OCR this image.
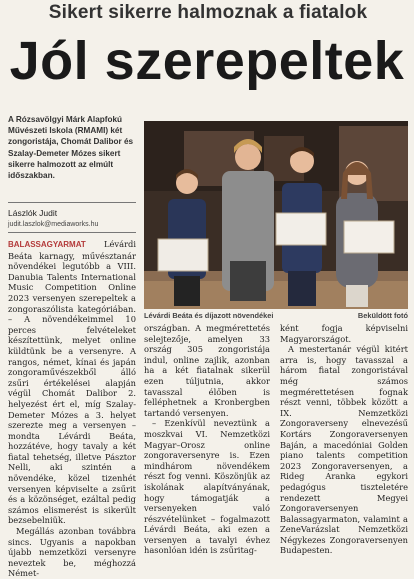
Sikert sikerre halmoznak a fiatalok
Jól szerepeltek
A Rózsavölgyi Márk Alapfokú Művészeti Iskola (RMAMI) két zongoristája, Chomát Dalibor és Szalay-Demeter Mózes sikert sikerre halmozott az elmúlt időszakban.
Lászlók Judit
judit.laszlok@mediaworks.hu

BALASSAGYARMAT Lévárdi Beáta karnagy, művésztanár növendékei legutóbb a VIII. Danubia Talents International Music Competition Online 2023 versenyen szerepeltek a zongoraszólista kategóriában. – A növendékeimmel 10 perces felvételeket készítettünk, melyet online küldtünk be a versenyre. A rangos, német, kínai és japán zongoraművészekből álló zsűri értékelései alapján végül Chomát Dalibor 2. helyezést ért el, míg Szalay-Demeter Mózes a 3. helyet szerezte meg a versenyen – mondta Lévárdi Beáta, hozzátéve, hogy tavaly a két fiatal tehetség, illetve Pásztor Nelli, aki szintén a növendéke, közel tizenhét versenyen képviselte a zsűrit és a közönséget, ezáltal pedig számos elismerést is sikerült bezsebelniük.

Megállás azonban továbbra sincs. Ugyanis a napokban újabb nemzetközi versenyre neveztek be, méghozzá Német-

Lévárdi Beáta és díjazott növendékei	Beküldött fotó

országban. A megmérettetés selejtezője, amelyen 33 ország 305 zongoristája indul, online zajlik, azonban ha a két fiatalnak sikerül ezen túljutnia, akkor tavasszal élőben is felléphetnek a Kronbergben tartandó versenyen.

– Ezenkívül neveztünk a moszkvai VI. Nemzetközi Magyar–Orosz online zongoraversenyre is. Ezen mindhárom növendékem részt fog venni. Köszönjük az iskolának alapítványának, hogy támogatják a versenyeken való részvételünket – fogalmazott Lévárdi Beáta, aki ezen a versenyen a tavalyi évhez hasonlóan idén is zsűritag-

ként fogja képviselni Magyarországot.

A mestertanár végül kitért arra is, hogy tavasszal a három fiatal zongoristával még számos megmérettetésen fognak részt venni, többek között a IX. Nemzetközi Zongoraverseny elnevezésű Kortárs Zongoraversenyen Baján, a macedóniai Golden piano talents competition 2023 Zongoraversenyen, a Rideg Aranka egykori pedagógus tiszteletére rendezett Megyei Zongoraversenyen Balassagyarmaton, valamint a ZeneVarázslat Nemzetközi Négykezes Zongoraversenyen Budapesten.
